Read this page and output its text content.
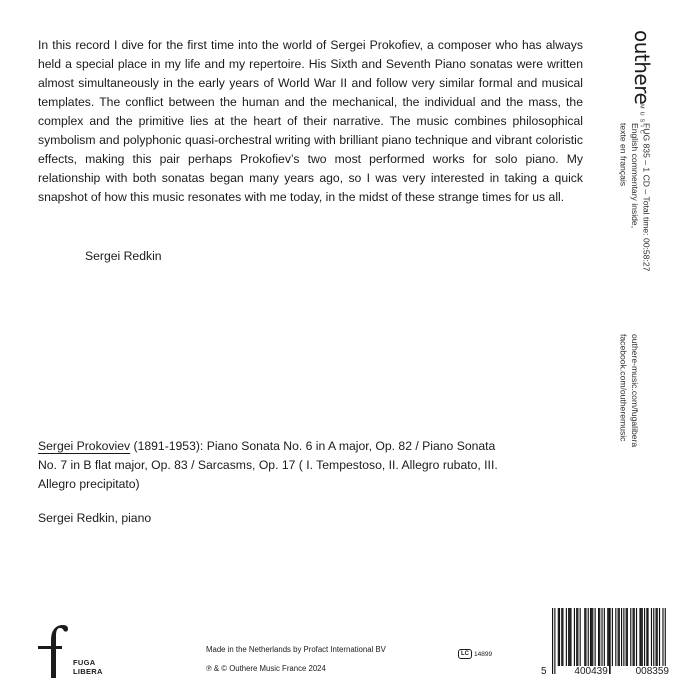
In this record I dive for the first time into the world of Sergei Prokofiev, a composer who has always held a special place in my life and my repertoire. His Sixth and Seventh Piano sonatas were written almost simultaneously in the early years of World War II and follow very similar formal and musical templates. The conflict between the human and the mechanical, the individual and the mass, the complex and the primitive lies at the heart of their narrative. The music combines philosophical symbolism and polyphonic quasi-orchestral writing with brilliant piano technique and vibrant coloristic effects, making this pair perhaps Prokofiev’s two most performed works for solo piano. My relationship with both sonatas began many years ago, so I was very interested in taking a quick snapshot of how this music resonates with me today, in the midst of these strange times for us all.

Sergei Redkin

Sergei Prokoviev (1891-1953): Piano Sonata No. 6 in A major, Op. 82 / Piano Sonata No. 7 in B flat major, Op. 83 / Sarcasms, Op. 17 ( I. Tempestoso, II. Allegro rubato, III. Allegro precipitato)

Sergei Redkin, piano

outhere
MUSIC
FUG 835 – 1 CD – Total time: 00:58:27
English commentary inside,
texte en français
outhere-music.com/fugalibera
facebook.com/outheremusic
FUGA
LIBERA
Made in the Netherlands by Profact International BV
℗ & © Outhere Music France 2024
LC 14899
5	400439	008359
